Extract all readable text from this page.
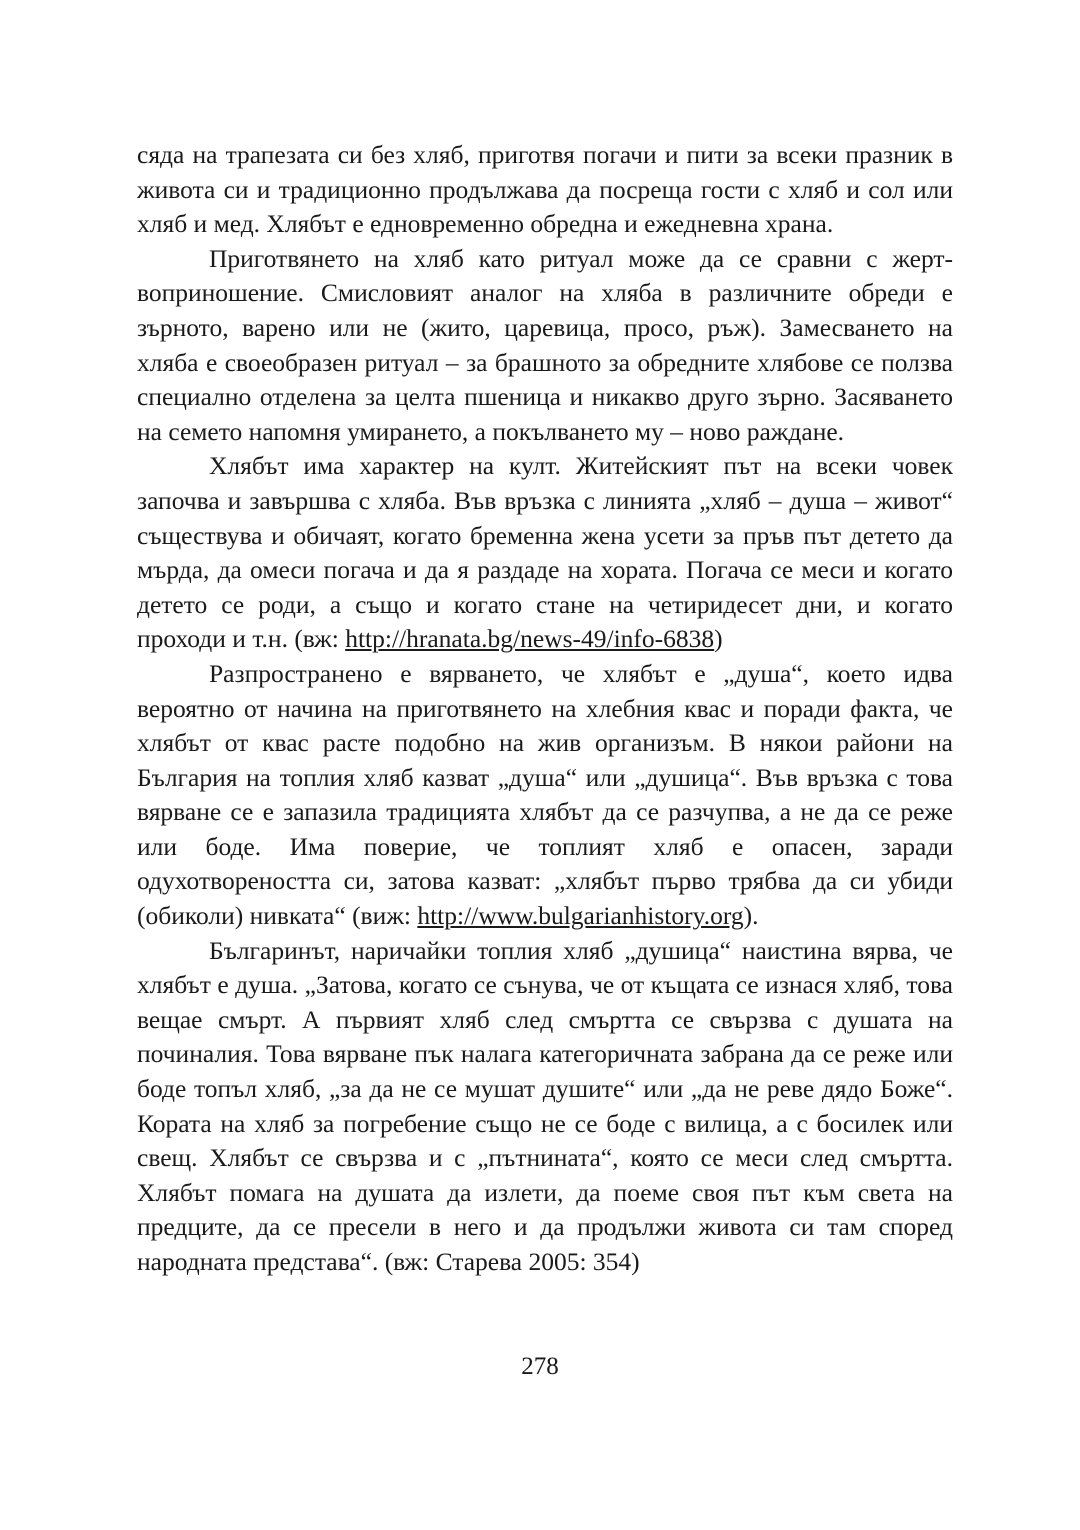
сяда на трапезата си без хляб, приготвя погачи и пити за всеки празник в живота си и традиционно продължава да посреща гости с хляб и сол или хляб и мед. Хлябът е едновременно обредна и ежедневна храна.

Приготвянето на хляб като ритуал може да се сравни с жертвоприношение. Смисловият аналог на хляба в различните обреди е зърното, варено или не (жито, царевица, просо, ръж). Замесването на хляба е своеобразен ритуал – за брашното за обредните хлябове се ползва специално отделена за целта пшеница и никакво друго зърно. Засяването на семето напомня умирането, а покълването му – ново раждане.

Хлябът има характер на култ. Житейският път на всеки човек започва и завършва с хляба. Във връзка с линията „хляб – душа – живот“ съществува и обичаят, когато бременна жена усети за пръв път детето да мърда, да омеси погача и да я раздаде на хората. Погача се меси и когато детето се роди, а също и когато стане на четиридесет дни, и когато проходи и т.н. (вж: http://hranata.bg/news-49/info-6838)

Разпространено е вярването, че хлябът е „душа“, което идва вероятно от начина на приготвянето на хлебния квас и поради факта, че хлябът от квас расте подобно на жив организъм. В някои райони на България на топлия хляб казват „душа“ или „душица“. Във връзка с това вярване се е запазила традицията хлябът да се разчупва, а не да се реже или боде. Има поверие, че топлият хляб е опасен, заради одухотвореността си, затова казват: „хлябът първо трябва да си убиди (обиколи) нивката“ (виж: http://www.bulgarianhistory.org).

Българинът, наричайки топлия хляб „душица“ наистина вярва, че хлябът е душа. „Затова, когато се сънува, че от къщата се изнася хляб, това вещае смърт. А първият хляб след смъртта се свързва с душата на починалия. Това вярване пък налага категоричната забрана да се реже или боде топъл хляб, „за да не се мушат душите“ или „да не реве дядо Боже“. Кората на хляб за погребение също не се боде с вилица, а с босилек или свещ. Хлябът се свързва и с „пътнината“, която се меси след смъртта. Хлябът помага на душата да излети, да поеме своя път към света на предците, да се пресели в него и да продължи живота си там според народната представа“. (вж: Старева 2005: 354)

278
